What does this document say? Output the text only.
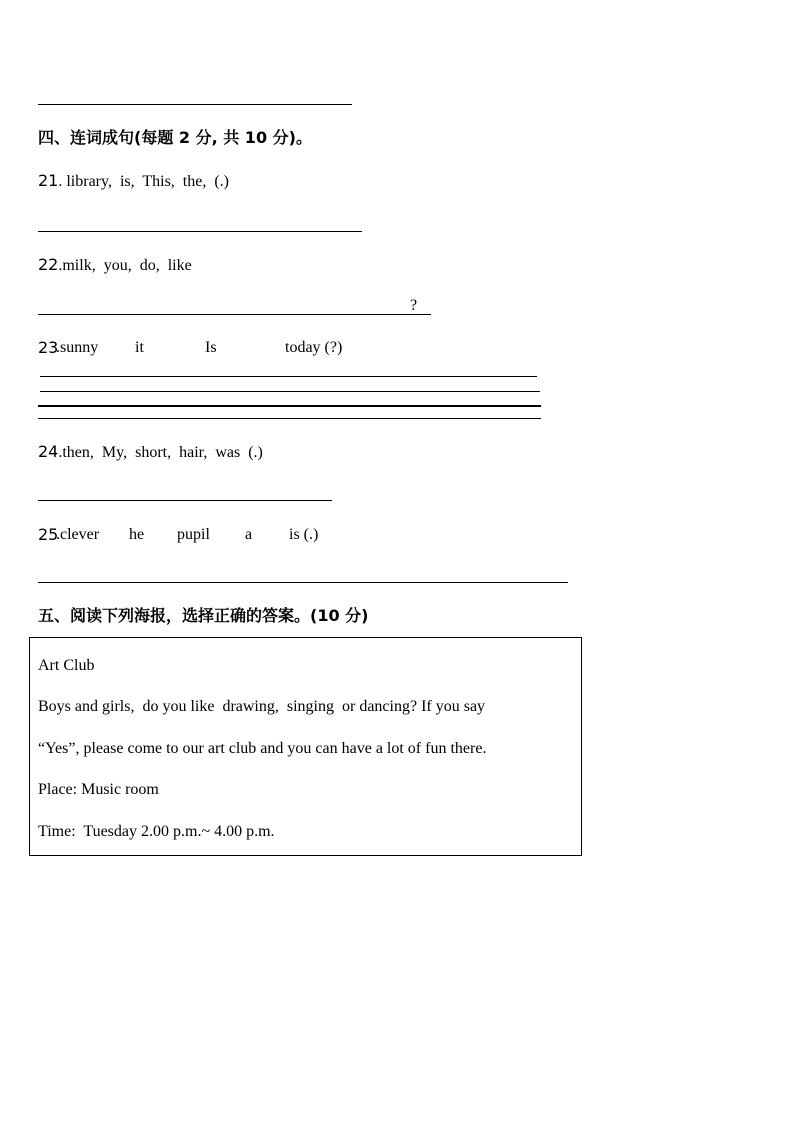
四、连词成句(每题 2 分, 共 10 分)。
21. library,  is,  This,  the,  (.)
22.milk,  you,  do,  like
?
23
.sunny it	Is	today (?)
24.then,  My,  short,  hair,  was  (.)
25
.clever he pupil a is (.)
五、阅读下列海报，选择正确的答案。(10 分)
Art Club
Boys and girls,  do you like  drawing,  singing  or dancing? If you say
“Yes”, please come to our art club and you can have a lot of fun there.
Place: Music room
Time:  Tuesday 2.00 p.m.~ 4.00 p.m.
